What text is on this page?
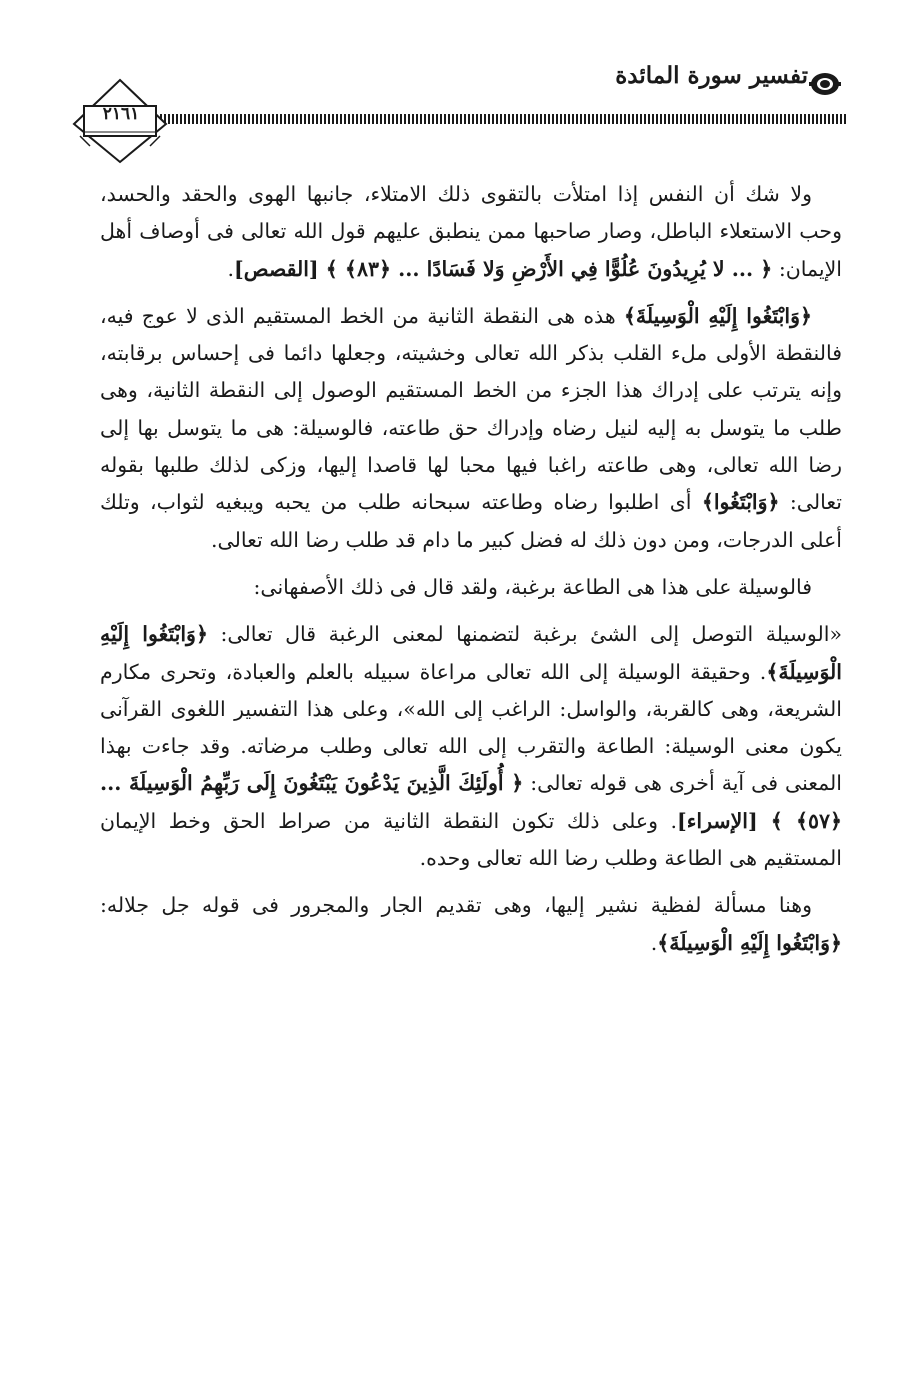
تفسير سورة المائدة
٢١٦١

ولا شك أن النفس إذا امتلأت بالتقوى ذلك الامتلاء، جانبها الهوى والحقد والحسد، وحب الاستعلاء الباطل، وصار صاحبها ممن ينطبق عليهم قول الله تعالى فى أوصاف أهل الإيمان: ﴿ ... لا يُرِيدُونَ عُلُوًّا فِي الأَرْضِ وَلا فَسَادًا ... ﴿٨٣﴾ ﴾ [القصص].

﴿وَابْتَغُوا إِلَيْهِ الْوَسِيلَةَ﴾ هذه هى النقطة الثانية من الخط المستقيم الذى لا عوج فيه، فالنقطة الأولى ملء القلب بذكر الله تعالى وخشيته، وجعلها دائما فى إحساس برقابته، وإنه يترتب على إدراك هذا الجزء من الخط المستقيم الوصول إلى النقطة الثانية، وهى طلب ما يتوسل به إليه لنيل رضاه وإدراك حق طاعته، فالوسيلة: هى ما يتوسل بها إلى رضا الله تعالى، وهى طاعته راغبا فيها محبا لها قاصدا إليها، وزكى لذلك طلبها بقوله تعالى: ﴿وَابْتَغُوا﴾ أى اطلبوا رضاه وطاعته سبحانه طلب من يحبه ويبغيه لثواب، وتلك أعلى الدرجات، ومن دون ذلك له فضل كبير ما دام قد طلب رضا الله تعالى.

فالوسيلة على هذا هى الطاعة برغبة، ولقد قال فى ذلك الأصفهانى:

«الوسيلة التوصل إلى الشئ برغبة لتضمنها لمعنى الرغبة قال تعالى: ﴿وَابْتَغُوا إِلَيْهِ الْوَسِيلَةَ﴾. وحقيقة الوسيلة إلى الله تعالى مراعاة سبيله بالعلم والعبادة، وتحرى مكارم الشريعة، وهى كالقربة، والواسل: الراغب إلى الله»، وعلى هذا التفسير اللغوى القرآنى يكون معنى الوسيلة: الطاعة والتقرب إلى الله تعالى وطلب مرضاته. وقد جاءت بهذا المعنى فى آية أخرى هى قوله تعالى: ﴿ أُولَئِكَ الَّذِينَ يَدْعُونَ يَبْتَغُونَ إِلَى رَبِّهِمُ الْوَسِيلَةَ ... ﴿٥٧﴾ ﴾ [الإسراء]. وعلى ذلك تكون النقطة الثانية من صراط الحق وخط الإيمان المستقيم هى الطاعة وطلب رضا الله تعالى وحده.

وهنا مسألة لفظية نشير إليها، وهى تقديم الجار والمجرور فى قوله جل جلاله: ﴿وَابْتَغُوا إِلَيْهِ الْوَسِيلَةَ﴾.
